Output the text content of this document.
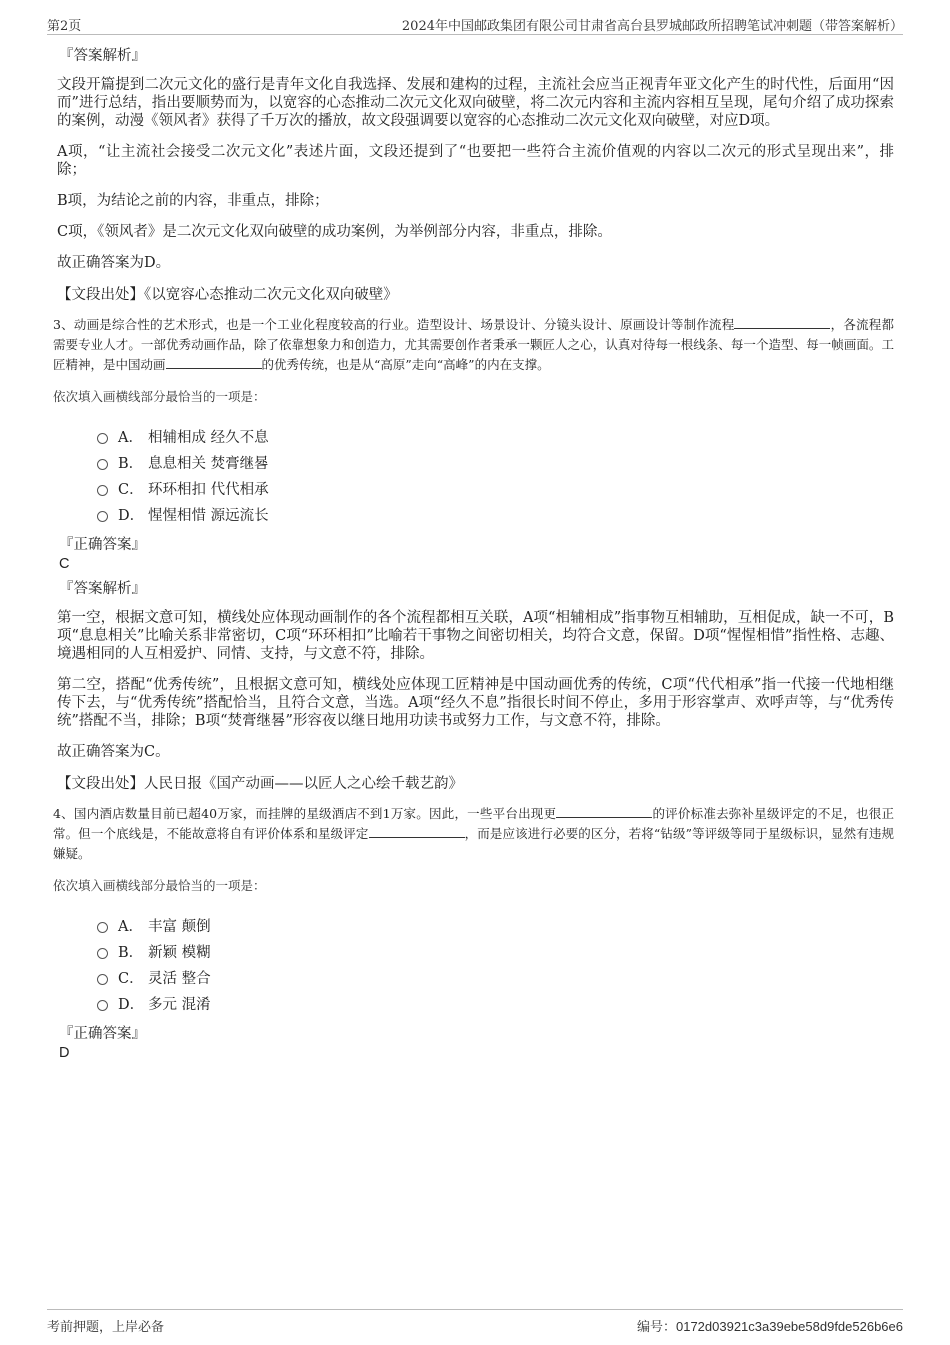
第2页	2024年中国邮政集团有限公司甘肃省高台县罗城邮政所招聘笔试冲刺题（带答案解析）
『答案解析』

文段开篇提到二次元文化的盛行是青年文化自我选择、发展和建构的过程，主流社会应当正视青年亚文化产生的时代性，后面用“因而”进行总结，指出要顺势而为，以宽容的心态推动二次元文化双向破壁，将二次元内容和主流内容相互呈现，尾句介绍了成功探索的案例，动漫《领风者》获得了千万次的播放，故文段强调要以宽容的心态推动二次元文化双向破壁，对应D项。

A项，“让主流社会接受二次元文化”表述片面，文段还提到了“也要把一些符合主流价值观的内容以二次元的形式呈现出来”，排除；

B项，为结论之前的内容，非重点，排除；

C项，《领风者》是二次元文化双向破壁的成功案例，为举例部分内容，非重点，排除。

故正确答案为D。

【文段出处】《以宽容心态推动二次元文化双向破壁》

3、动画是综合性的艺术形式，也是一个工业化程度较高的行业。造型设计、场景设计、分镜头设计、原画设计等制作流程	，各流程都需要专业人才。一部优秀动画作品，除了依靠想象力和创造力，尤其需要创作者秉承一颗匠人之心，认真对待每一根线条、每一个造型、每一帧画面。工匠精神，是中国动画	的优秀传统，也是从“高原”走向“高峰”的内在支撑。

依次填入画横线部分最恰当的一项是：

A． 相辅相成 经久不息
B． 息息相关 焚膏继晷
C． 环环相扣 代代相承
D． 惺惺相惜 源远流长
『正确答案』
C
『答案解析』

第一空，根据文意可知，横线处应体现动画制作的各个流程都相互关联，A项“相辅相成”指事物互相辅助，互相促成，缺一不可，B项“息息相关”比喻关系非常密切，C项“环环相扣”比喻若干事物之间密切相关，均符合文意，保留。D项“惺惺相惜”指性格、志趣、境遇相同的人互相爱护、同情、支持，与文意不符，排除。

第二空，搭配“优秀传统”，且根据文意可知，横线处应体现工匠精神是中国动画优秀的传统，C项“代代相承”指一代接一代地相继传下去，与“优秀传统”搭配恰当，且符合文意，当选。A项“经久不息”指很长时间不停止，多用于形容掌声、欢呼声等，与“优秀传统”搭配不当，排除；B项“焚膏继晷”形容夜以继日地用功读书或努力工作，与文意不符，排除。

故正确答案为C。

【文段出处】人民日报《国产动画——以匠人之心绘千载艺韵》

4、国内酒店数量目前已超40万家，而挂牌的星级酒店不到1万家。因此，一些平台出现更	的评价标准去弥补星级评定的不足，也很正常。但一个底线是，不能故意将自有评价体系和星级评定	，而是应该进行必要的区分，若将“钻级”等评级等同于星级标识，显然有违规嫌疑。

依次填入画横线部分最恰当的一项是：

A． 丰富 颠倒
B． 新颖 模糊
C． 灵活 整合
D． 多元 混淆
『正确答案』
D
考前押题，上岸必备	编号：0172d03921c3a39ebe58d9fde526b6e6
